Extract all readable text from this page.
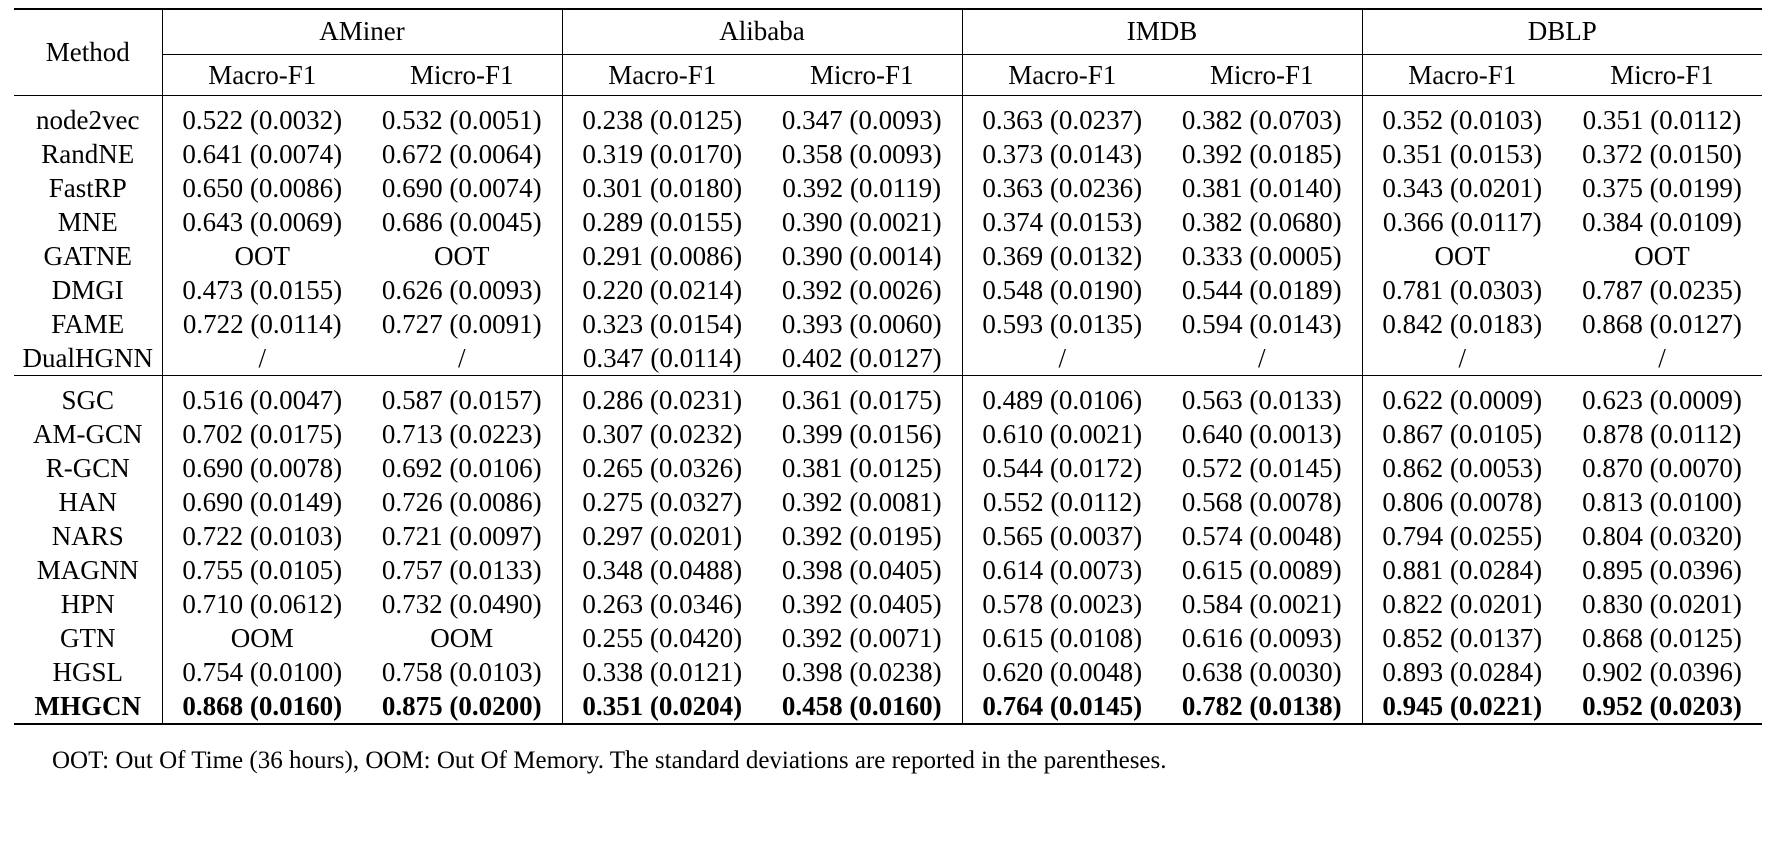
Method	AMiner		Alibaba		IMDB		DBLP	

	Macro-F1	Micro-F1	Macro-F1	Micro-F1	Macro-F1	Micro-F1	Macro-F1	Micro-F1

node2vec	0.522 (0.0032)	0.532 (0.0051)	0.238 (0.0125)	0.347 (0.0093)	0.363 (0.0237)	0.382 (0.0703)	0.352 (0.0103)	0.351 (0.0112)
RandNE	0.641 (0.0074)	0.672 (0.0064)	0.319 (0.0170)	0.358 (0.0093)	0.373 (0.0143)	0.392 (0.0185)	0.351 (0.0153)	0.372 (0.0150)
FastRP	0.650 (0.0086)	0.690 (0.0074)	0.301 (0.0180)	0.392 (0.0119)	0.363 (0.0236)	0.381 (0.0140)	0.343 (0.0201)	0.375 (0.0199)
MNE	0.643 (0.0069)	0.686 (0.0045)	0.289 (0.0155)	0.390 (0.0021)	0.374 (0.0153)	0.382 (0.0680)	0.366 (0.0117)	0.384 (0.0109)
GATNE	OOT	OOT	0.291 (0.0086)	0.390 (0.0014)	0.369 (0.0132)	0.333 (0.0005)	OOT	OOT
DMGI	0.473 (0.0155)	0.626 (0.0093)	0.220 (0.0214)	0.392 (0.0026)	0.548 (0.0190)	0.544 (0.0189)	0.781 (0.0303)	0.787 (0.0235)
FAME	0.722 (0.0114)	0.727 (0.0091)	0.323 (0.0154)	0.393 (0.0060)	0.593 (0.0135)	0.594 (0.0143)	0.842 (0.0183)	0.868 (0.0127)
DualHGNN	/	/	0.347 (0.0114)	0.402 (0.0127)	/	/	/	/

SGC	0.516 (0.0047)	0.587 (0.0157)	0.286 (0.0231)	0.361 (0.0175)	0.489 (0.0106)	0.563 (0.0133)	0.622 (0.0009)	0.623 (0.0009)
AM-GCN	0.702 (0.0175)	0.713 (0.0223)	0.307 (0.0232)	0.399 (0.0156)	0.610 (0.0021)	0.640 (0.0013)	0.867 (0.0105)	0.878 (0.0112)
R-GCN	0.690 (0.0078)	0.692 (0.0106)	0.265 (0.0326)	0.381 (0.0125)	0.544 (0.0172)	0.572 (0.0145)	0.862 (0.0053)	0.870 (0.0070)
HAN	0.690 (0.0149)	0.726 (0.0086)	0.275 (0.0327)	0.392 (0.0081)	0.552 (0.0112)	0.568 (0.0078)	0.806 (0.0078)	0.813 (0.0100)
NARS	0.722 (0.0103)	0.721 (0.0097)	0.297 (0.0201)	0.392 (0.0195)	0.565 (0.0037)	0.574 (0.0048)	0.794 (0.0255)	0.804 (0.0320)
MAGNN	0.755 (0.0105)	0.757 (0.0133)	0.348 (0.0488)	0.398 (0.0405)	0.614 (0.0073)	0.615 (0.0089)	0.881 (0.0284)	0.895 (0.0396)
HPN	0.710 (0.0612)	0.732 (0.0490)	0.263 (0.0346)	0.392 (0.0405)	0.578 (0.0023)	0.584 (0.0021)	0.822 (0.0201)	0.830 (0.0201)
GTN	OOM	OOM	0.255 (0.0420)	0.392 (0.0071)	0.615 (0.0108)	0.616 (0.0093)	0.852 (0.0137)	0.868 (0.0125)
HGSL	0.754 (0.0100)	0.758 (0.0103)	0.338 (0.0121)	0.398 (0.0238)	0.620 (0.0048)	0.638 (0.0030)	0.893 (0.0284)	0.902 (0.0396)
MHGCN	0.868 (0.0160)	0.875 (0.0200)	0.351 (0.0204)	0.458 (0.0160)	0.764 (0.0145)	0.782 (0.0138)	0.945 (0.0221)	0.952 (0.0203)

OOT: Out Of Time (36 hours), OOM: Out Of Memory. The standard deviations are reported in the parentheses.
